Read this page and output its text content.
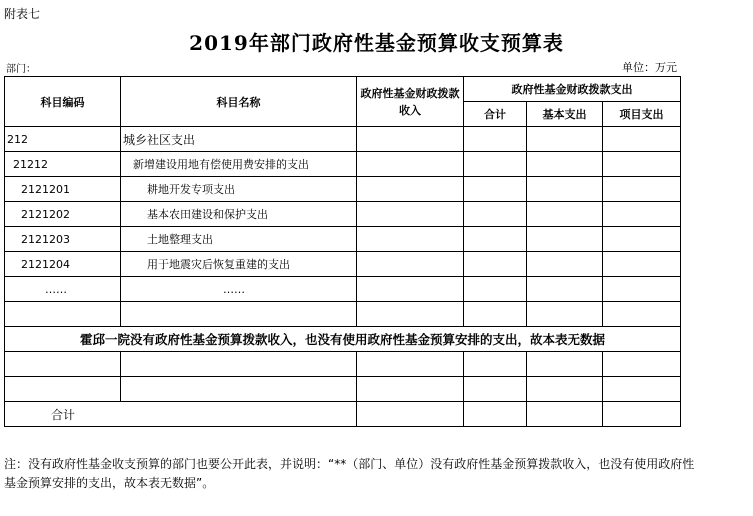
附表七
2019年部门政府性基金预算收支预算表
部门：	单位：万元
科目编码	科目名称	政府性基金财政拨款收入	政府性基金财政拨款支出		
			合计	基本支出	项目支出
212	城乡社区支出				
21212	新增建设用地有偿使用费安排的支出				
2121201	耕地开发专项支出				
2121202	基本农田建设和保护支出				
2121203	土地整理支出				
2121204	用于地震灾后恢复重建的支出				
……	……				

霍邱一院没有政府性基金预算拨款收入，也没有使用政府性基金预算安排的支出，故本表无数据					

合计					
注：没有政府性基金收支预算的部门也要公开此表，并说明：“**（部门、单位）没有政府性基金预算拨款收入，也没有使用政府性基金预算安排的支出，故本表无数据”。
